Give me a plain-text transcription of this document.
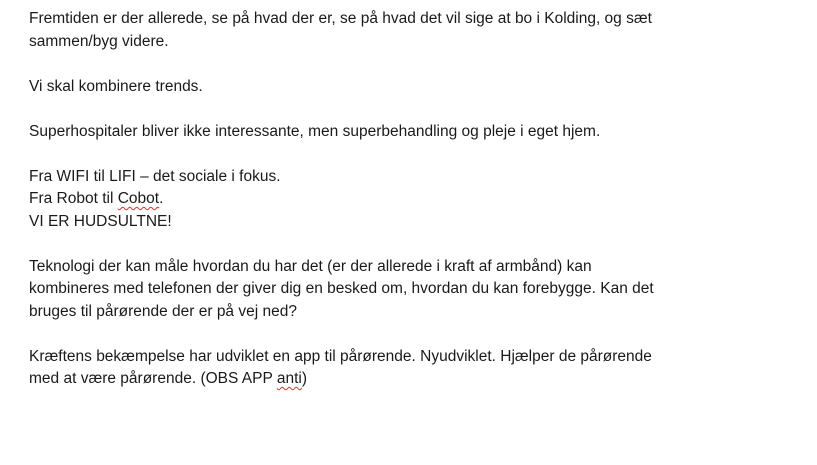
Fremtiden er der allerede, se på hvad der er, se på hvad det vil sige at bo i Kolding, og sæt
sammen/byg videre.
Vi skal kombinere trends.
Superhospitaler bliver ikke interessante, men superbehandling og pleje i eget hjem.
Fra WIFI til LIFI – det sociale i fokus.
Fra Robot til Cobot.
VI ER HUDSULTNE!
Teknologi der kan måle hvordan du har det (er der allerede i kraft af armbånd) kan
kombineres med telefonen der giver dig en besked om, hvordan du kan forebygge. Kan det
bruges til pårørende der er på vej ned?
Kræftens bekæmpelse har udviklet en app til pårørende. Nyudviklet. Hjælper de pårørende
med at være pårørende. (OBS APP anti)
